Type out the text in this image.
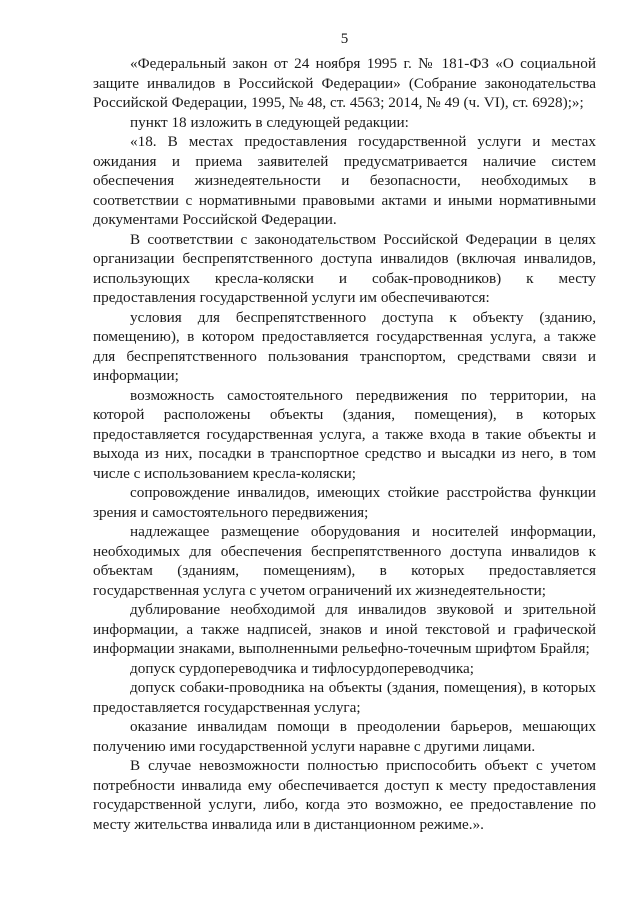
5

«Федеральный закон от 24 ноября 1995 г. № 181-ФЗ «О социальной защите инвалидов в Российской Федерации» (Собрание законодательства Российской Федерации, 1995, № 48, ст. 4563; 2014, № 49 (ч. VI), ст. 6928);»;

пункт 18 изложить в следующей редакции:

«18. В местах предоставления государственной услуги и местах ожидания и приема заявителей предусматривается наличие систем обеспечения жизнедеятельности и безопасности, необходимых в соответствии с нормативными правовыми актами и иными нормативными документами Российской Федерации.

В соответствии с законодательством Российской Федерации в целях организации беспрепятственного доступа инвалидов (включая инвалидов, использующих кресла-коляски и собак-проводников) к месту предоставления государственной услуги им обеспечиваются:

условия для беспрепятственного доступа к объекту (зданию, помещению), в котором предоставляется государственная услуга, а также для беспрепятственного пользования транспортом, средствами связи и информации;

возможность самостоятельного передвижения по территории, на которой расположены объекты (здания, помещения), в которых предоставляется государственная услуга, а также входа в такие объекты и выхода из них, посадки в транспортное средство и высадки из него, в том числе с использованием кресла-коляски;

сопровождение инвалидов, имеющих стойкие расстройства функции зрения и самостоятельного передвижения;

надлежащее размещение оборудования и носителей информации, необходимых для обеспечения беспрепятственного доступа инвалидов к объектам (зданиям, помещениям), в которых предоставляется государственная услуга с учетом ограничений их жизнедеятельности;

дублирование необходимой для инвалидов звуковой и зрительной информации, а также надписей, знаков и иной текстовой и графической информации знаками, выполненными рельефно-точечным шрифтом Брайля;

допуск сурдопереводчика и тифлосурдопереводчика;

допуск собаки-проводника на объекты (здания, помещения), в которых предоставляется государственная услуга;

оказание инвалидам помощи в преодолении барьеров, мешающих получению ими государственной услуги наравне с другими лицами.

В случае невозможности полностью приспособить объект с учетом потребности инвалида ему обеспечивается доступ к месту предоставления государственной услуги, либо, когда это возможно, ее предоставление по месту жительства инвалида или в дистанционном режиме.».
